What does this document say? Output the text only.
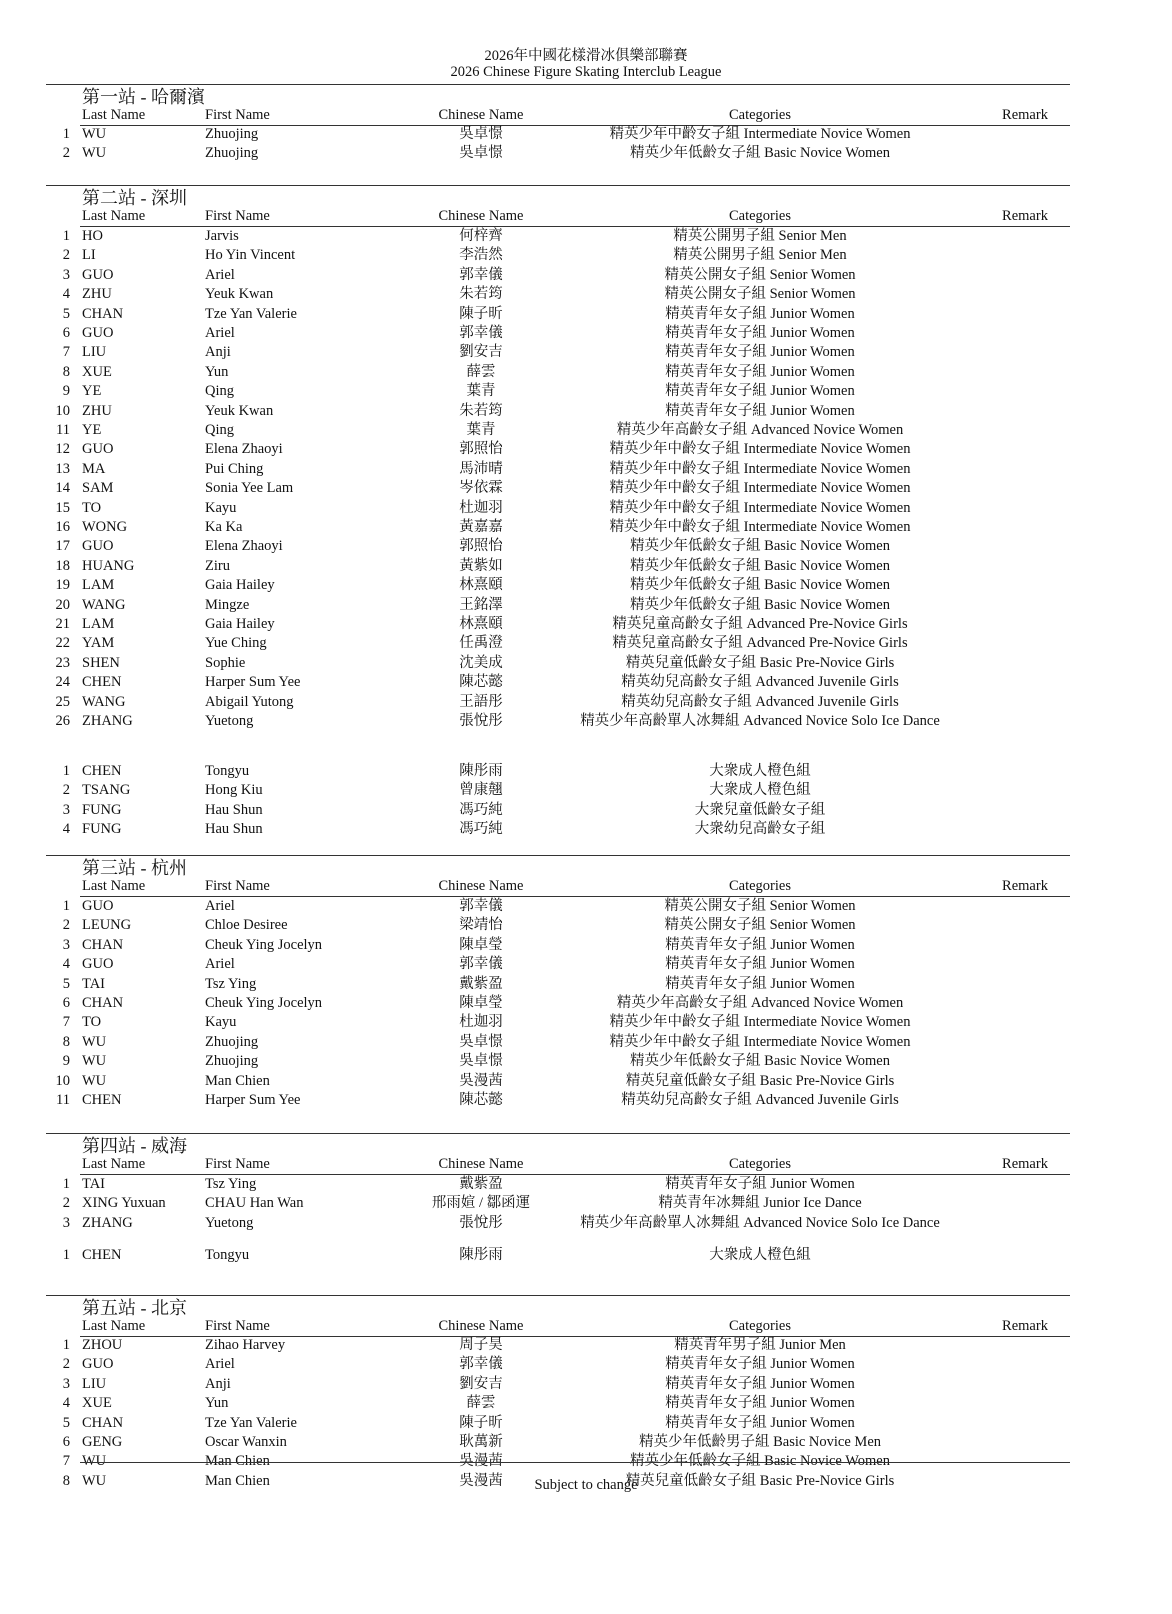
2026年中國花樣滑冰俱樂部聯賽
2026 Chinese Figure Skating Interclub League
第一站 - 哈爾濱
Last Name	First Name	Chinese Name	Categories	Remark
1 WU	Zhuojing	吳卓憬	精英少年中齡女子組 Intermediate Novice Women
2 WU	Zhuojing	吳卓憬	精英少年低齡女子組 Basic Novice Women
第二站 - 深圳
Last Name	First Name	Chinese Name	Categories	Remark
1 HO	Jarvis	何梓齊	精英公開男子組 Senior Men
2 LI	Ho Yin Vincent	李浩然	精英公開男子組 Senior Men
3 GUO	Ariel	郭幸儀	精英公開女子組 Senior Women
4 ZHU	Yeuk Kwan	朱若筠	精英公開女子組 Senior Women
5 CHAN	Tze Yan Valerie	陳子昕	精英青年女子組 Junior Women
6 GUO	Ariel	郭幸儀	精英青年女子組 Junior Women
7 LIU	Anji	劉安吉	精英青年女子組 Junior Women
8 XUE	Yun	薛雲	精英青年女子組 Junior Women
9 YE	Qing	葉青	精英青年女子組 Junior Women
10 ZHU	Yeuk Kwan	朱若筠	精英青年女子組 Junior Women
11 YE	Qing	葉青	精英少年高齡女子組 Advanced Novice Women
12 GUO	Elena Zhaoyi	郭照怡	精英少年中齡女子組 Intermediate Novice Women
13 MA	Pui Ching	馬沛晴	精英少年中齡女子組 Intermediate Novice Women
14 SAM	Sonia Yee Lam	岑依霖	精英少年中齡女子組 Intermediate Novice Women
15 TO	Kayu	杜迦羽	精英少年中齡女子組 Intermediate Novice Women
16 WONG	Ka Ka	黃嘉嘉	精英少年中齡女子組 Intermediate Novice Women
17 GUO	Elena Zhaoyi	郭照怡	精英少年低齡女子組 Basic Novice Women
18 HUANG	Ziru	黃紫如	精英少年低齡女子組 Basic Novice Women
19 LAM	Gaia Hailey	林熹頤	精英少年低齡女子組 Basic Novice Women
20 WANG	Mingze	王銘澤	精英少年低齡女子組 Basic Novice Women
21 LAM	Gaia Hailey	林熹頤	精英兒童高齡女子組 Advanced Pre-Novice Girls
22 YAM	Yue Ching	任禹澄	精英兒童高齡女子組 Advanced Pre-Novice Girls
23 SHEN	Sophie	沈美成	精英兒童低齡女子組 Basic Pre-Novice Girls
24 CHEN	Harper Sum Yee	陳芯懿	精英幼兒高齡女子組 Advanced Juvenile Girls
25 WANG	Abigail Yutong	王語彤	精英幼兒高齡女子組 Advanced Juvenile Girls
26 ZHANG	Yuetong	張悅彤	精英少年高齡單人冰舞組 Advanced Novice Solo Ice Dance
1 CHEN	Tongyu	陳彤雨	大衆成人橙色組
2 TSANG	Hong Kiu	曾康翹	大衆成人橙色組
3 FUNG	Hau Shun	馮巧純	大衆兒童低齡女子組
4 FUNG	Hau Shun	馮巧純	大衆幼兒高齡女子組
第三站 - 杭州
Last Name	First Name	Chinese Name	Categories	Remark
1 GUO	Ariel	郭幸儀	精英公開女子組 Senior Women
2 LEUNG	Chloe Desiree	梁靖怡	精英公開女子組 Senior Women
3 CHAN	Cheuk Ying Jocelyn	陳卓瑩	精英青年女子組 Junior Women
4 GUO	Ariel	郭幸儀	精英青年女子組 Junior Women
5 TAI	Tsz Ying	戴紫盈	精英青年女子組 Junior Women
6 CHAN	Cheuk Ying Jocelyn	陳卓瑩	精英少年高齡女子組 Advanced Novice Women
7 TO	Kayu	杜迦羽	精英少年中齡女子組 Intermediate Novice Women
8 WU	Zhuojing	吳卓憬	精英少年中齡女子組 Intermediate Novice Women
9 WU	Zhuojing	吳卓憬	精英少年低齡女子組 Basic Novice Women
10 WU	Man Chien	吳漫茜	精英兒童低齡女子組 Basic Pre-Novice Girls
11 CHEN	Harper Sum Yee	陳芯懿	精英幼兒高齡女子組 Advanced Juvenile Girls
第四站 - 威海
Last Name	First Name	Chinese Name	Categories	Remark
1 TAI	Tsz Ying	戴紫盈	精英青年女子組 Junior Women
2 XING Yuxuan	CHAU Han Wan	邢雨媗 / 鄒函運	精英青年冰舞組 Junior Ice Dance
3 ZHANG	Yuetong	張悅彤	精英少年高齡單人冰舞組 Advanced Novice Solo Ice Dance
1 CHEN	Tongyu	陳彤雨	大衆成人橙色組
第五站 - 北京
Last Name	First Name	Chinese Name	Categories	Remark
1 ZHOU	Zihao Harvey	周子昊	精英青年男子組 Junior Men
2 GUO	Ariel	郭幸儀	精英青年女子組 Junior Women
3 LIU	Anji	劉安吉	精英青年女子組 Junior Women
4 XUE	Yun	薛雲	精英青年女子組 Junior Women
5 CHAN	Tze Yan Valerie	陳子昕	精英青年女子組 Junior Women
6 GENG	Oscar Wanxin	耿萬新	精英少年低齡男子組 Basic Novice Men
7 WU	Man Chien	吳漫茜	精英少年低齡女子組 Basic Novice Women
8 WU	Man Chien	吳漫茜	精英兒童低齡女子組 Basic Pre-Novice Girls
Subject to change
